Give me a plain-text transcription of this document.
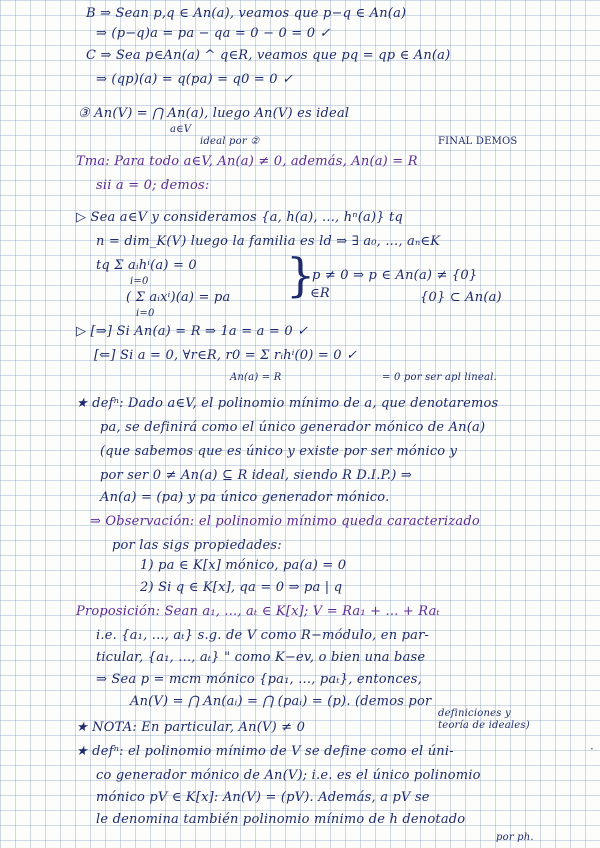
B ⇒ Sean p,q ∈ An(a), veamos que p−q ∈ An(a)
⇒ (p−q)a = pa − qa = 0 − 0 = 0 ✓
C ⇒ Sea p∈An(a) ^ q∈R, veamos que pq = qp ∈ An(a)
⇒ (qp)(a) = q(pa) = q0 = 0 ✓
③ An(V) = ⋂ An(a), luego An(V) es ideal
a∈V
ideal por ②	FINAL DEMOS
Tma: Para todo a∈V, An(a) ≠ 0, además, An(a) = R
sii a = 0; demos:
▷ Sea a∈V y consideramos {a, h(a), ..., hⁿ(a)} tq
n = dim_K(V) luego la familia es ld ⇒ ∃ a₀, ..., aₙ∈K
tq Σ aᵢhⁱ(a) = 0
i=0
( Σ aᵢxⁱ)(a) = pa
i=0
}
p ≠ 0 ⇒ p ∈ An(a) ≠ {0}
∈R	{0} ⊂ An(a)
▷ [⇒] Si An(a) = R ⇒ 1a = a = 0 ✓
[⇐] Si a = 0, ∀r∈R, r0 = Σ rᵢhⁱ(0) = 0 ✓
An(a) = R	= 0 por ser apl lineal.
★ defⁿ: Dado a∈V, el polinomio mínimo de a, que denotaremos
pa, se definirá como el único generador mónico de An(a)
(que sabemos que es único y existe por ser mónico y
por ser 0 ≠ An(a) ⊆ R ideal, siendo R D.I.P.) ⇒
An(a) = (pa) y pa único generador mónico.
⇒ Observación: el polinomio mínimo queda caracterizado
por las sigs propiedades:
1) pa ∈ K[x] mónico, pa(a) = 0
2) Si q ∈ K[x], qa = 0 ⇒ pa | q
Proposición: Sean a₁, ..., aₜ ∈ K[x]; V = Ra₁ + ... + Raₜ
i.e. {a₁, ..., aₜ} s.g. de V como R−módulo, en par-
ticular, {a₁, ..., aₜ} " como K−ev, o bien una base
⇒ Sea p = mcm mónico {pa₁, ..., paₜ}, entonces,
An(V) = ⋂ An(aᵢ) = ⋂ (paᵢ) = (p). (demos por
definiciones y
teoría de ideales)
★ NOTA: En particular, An(V) ≠ 0
★ defⁿ: el polinomio mínimo de V se define como el úni-
co generador mónico de An(V); i.e. es el único polinomio
mónico pV ∈ K[x]: An(V) = (pV). Además, a pV se
le denomina también polinomio mínimo de h denotado
por ph.
·
